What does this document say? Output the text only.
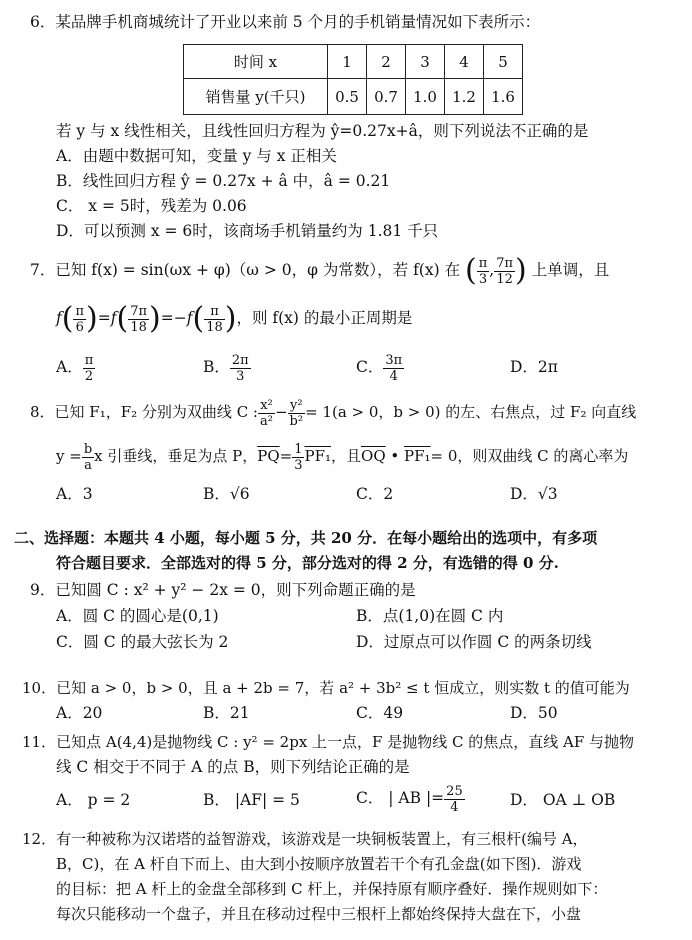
6．某品牌手机商城统计了开业以来前 5 个月的手机销量情况如下表所示：
时间 x	1	2	3	4	5
销售量 y(千只)	0.5	0.7	1.0	1.2	1.6
若 y 与 x 线性相关，且线性回归方程为 ŷ=0.27x+â，则下列说法不正确的是
A．由题中数据可知，变量 y 与 x 正相关
B．线性回归方程 ŷ = 0.27x + â 中，â = 0.21
C． x = 5时，残差为 0.06
D．可以预测 x = 6时，该商场手机销量约为 1.81 千只
7．已知 f(x) = sin(ωx + φ)（ω > 0，φ 为常数），若 f(x) 在 ( $\frac{\pi}{3}$ , $\frac{7\pi}{12}$ ) 上单调，且
$f( \frac{\pi}{6} )=f( \frac{7\pi}{18} )=-f( \frac{\pi}{18}$ )，则 f(x) 的最小正周期是
A． $\frac{\pi}{2}$	B． $\frac{2\pi}{3}$	C． $\frac{3\pi}{4}$	D．2π
8．已知 F₁，F₂ 分别为双曲线 C : $\frac{\text{x²}}{\text{a²}} - \frac{\text{y²}}{\text{b²}} = 1(a > 0$，b > 0) 的左、右焦点，过 F₂ 向直线
$y = \frac{b}{a}$ x 引垂线，垂足为点 P，$\overline{PQ}= \frac{1}{3} PF_1$，且$\overline{OQ}$ • PF₁= 0，则双曲线 C 的离心率为
A．3	B．√6	C．2	D．√3
二、选择题：本题共 4 小题，每小题 5 分，共 20 分．在每小题给出的选项中，有多项
符合题目要求．全部选对的得 5 分，部分选对的得 2 分，有选错的得 0 分.
9．已知圆 C : x² + y² − 2x = 0，则下列命题正确的是
A．圆 C 的圆心是(0,1)	B．点(1,0)在圆 C 内
C．圆 C 的最大弦长为 2	D．过原点可以作圆 C 的两条切线
10．已知 a > 0，b > 0，且 a + 2b = 7，若 a² + 3b² ≤ t 恒成立，则实数 t 的值可能为
A．20	B．21	C．49	D．50
11．已知点 A(4,4)是抛物线 C : y² = 2px 上一点，F 是抛物线 C 的焦点，直线 AF 与抛物
线 C 相交于不同于 A 的点 B，则下列结论正确的是
A． p = 2	B． |AF| = 5	C． | AB |= $\frac{25}{4}$	D． OA ⊥ OB
12．有一种被称为汉诺塔的益智游戏，该游戏是一块铜板装置上，有三根杆(编号 A，
B，C)，在 A 杆自下而上、由大到小按顺序放置若干个有孔金盘(如下图)．游戏
的目标：把 A 杆上的金盘全部移到 C 杆上，并保持原有顺序叠好．操作规则如下：
每次只能移动一个盘子，并且在移动过程中三根杆上都始终保持大盘在下，小盘
